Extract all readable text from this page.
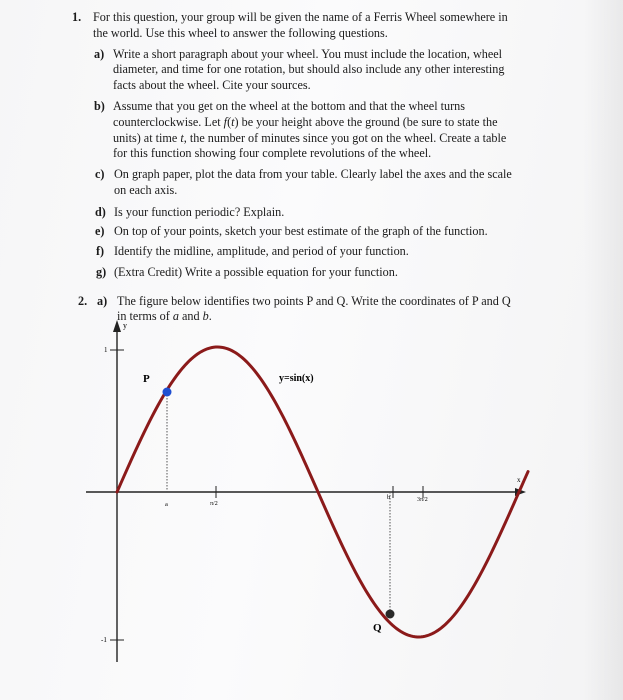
1. For this question, your group will be given the name of a Ferris Wheel somewhere in
the world. Use this wheel to answer the following questions.
a) Write a short paragraph about your wheel. You must include the location, wheel
diameter, and time for one rotation, but should also include any other interesting
facts about the wheel. Cite your sources.
b) Assume that you get on the wheel at the bottom and that the wheel turns
counterclockwise. Let f(t) be your height above the ground (be sure to state the
units) at time t, the number of minutes since you got on the wheel. Create a table
for this function showing four complete revolutions of the wheel.
c) On graph paper, plot the data from your table. Clearly label the axes and the scale
on each axis.
d) Is your function periodic? Explain.
e) On top of your points, sketch your best estimate of the graph of the function.
f) Identify the midline, amplitude, and period of your function.
g) (Extra Credit) Write a possible equation for your function.
2. a) The figure below identifies two points P and Q. Write the coordinates of P and Q
in terms of a and b.
y
x
1
-1
P
Q
y=sin(x)
a
b
π/2
3π/2
